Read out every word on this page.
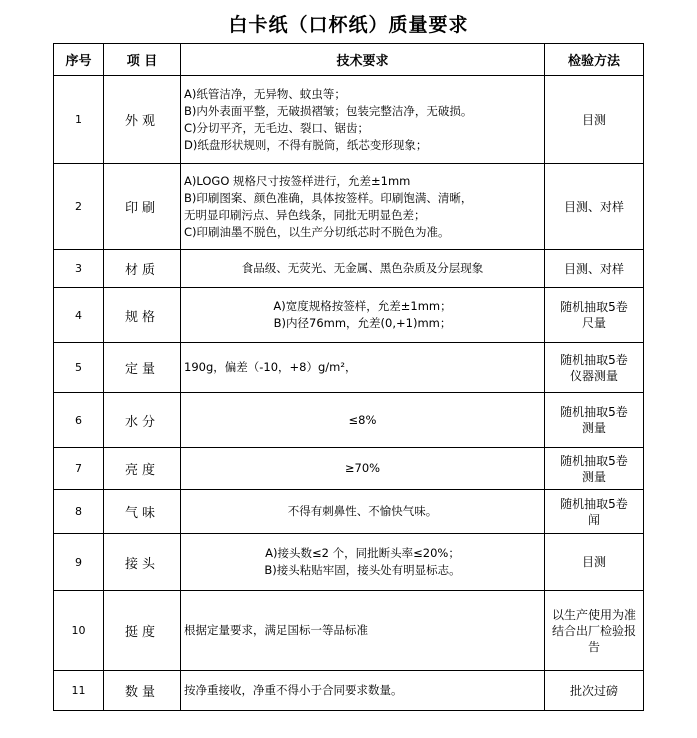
白卡纸（口杯纸）质量要求
序号	项 目	技术要求	检验方法
1	外观	A)纸管洁净，无异物、蚊虫等；
B)内外表面平整，无破损褶皱；包装完整洁净，无破损。
C)分切平齐，无毛边、裂口、锯齿；
D)纸盘形状规则，不得有脱筒，纸芯变形现象；	目测

2	印刷	A)LOGO 规格尺寸按签样进行，允差±1mm
B)印刷图案、颜色准确，具体按签样。印刷饱满、清晰，
无明显印刷污点、异色线条，同批无明显色差；
C)印刷油墨不脱色，以生产分切纸芯时不脱色为准。	目测、对样

3	材质	食品级、无荧光、无金属、黑色杂质及分层现象	目测、对样

4	规格	A)宽度规格按签样，允差±1mm；
B)内径76mm，允差(0,+1)mm；	随机抽取5卷
尺量

5	定量	190g，偏差（-10，+8）g/m²，	随机抽取5卷
仪器测量

6	水分	≤8%	随机抽取5卷
测量

7	亮度	≥70%	随机抽取5卷
测量

8	气味	不得有刺鼻性、不愉快气味。	随机抽取5卷
闻

9	接头	A)接头数≤2 个，同批断头率≤20%；
B)接头粘贴牢固，接头处有明显标志。	目测

10	挺度	根据定量要求，满足国标一等品标准	以生产使用为准
结合出厂检验报告

11	数量	按净重接收，净重不得小于合同要求数量。	批次过磅
